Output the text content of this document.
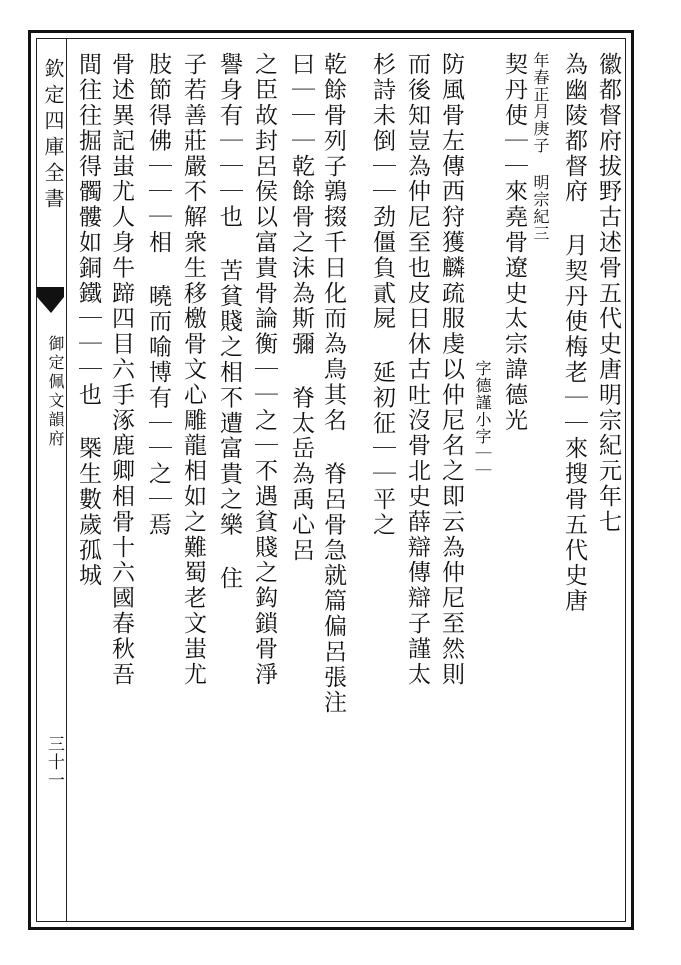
欽定四庫全書
御定佩文韻府
三十一
徽都督府拔野古述骨五代史唐明宗紀元年七
為幽陵都督府 月契丹使梅老｜｜來搜骨五代史唐
年春正月庚子 明宗紀三
契丹使｜｜來堯骨遼史太宗諱德光
字德謹小字｜｜
防風骨左傳西狩獲麟疏服虔以仲尼名之即云為仲尼至然則
而後知豈為仲尼至也皮日休古吐沒骨北史薛辯傳辯子謹太
杉詩未倒｜｜劲僵負貳屍 延初征｜｜平之
乾餘骨列子鶉掇千日化而為鳥其名 脊呂骨急就篇偏呂張注
曰｜｜｜乾餘骨之沫為斯彌 脊太岳為禹心呂
之臣故封呂侯以富貴骨論衡｜｜之｜不遇貧賤之鈎鎖骨淨
譽身有｜｜｜也 苦貧賤之相不遭富貴之樂 住
子若善莊嚴不解衆生移檄骨文心雕龍相如之難蜀老文蚩尤
肢節得佛｜｜｜相 曉而喻博有｜｜之｜焉
骨述異記蚩尤人身牛蹄四目六手涿鹿卿相骨十六國春秋吾
間往往掘得髑髏如銅鐵｜｜｜也 槩生數歲孤城
